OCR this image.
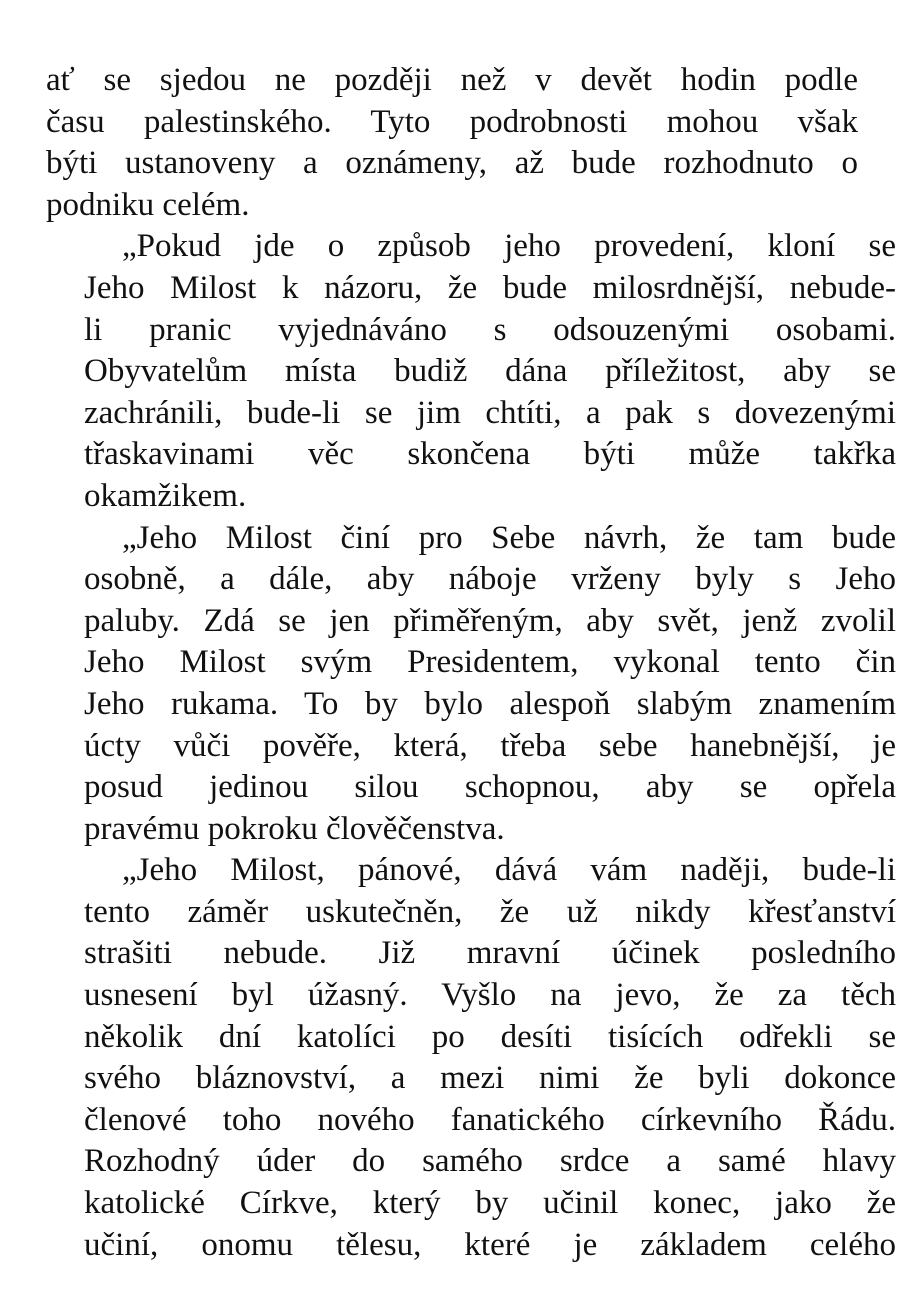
ať se sjedou ne později než v devět hodin podle
času palestinského. Tyto podrobnosti mohou však
býti ustanoveny a oznámeny, až bude rozhodnuto o
podniku celém.
„Pokud jde o způsob jeho provedení, kloní se
Jeho Milost k názoru, že bude milosrdnější, nebude-
li pranic vyjednáváno s odsouzenými osobami.
Obyvatelům místa budiž dána příležitost, aby se
zachránili, bude-li se jim chtíti, a pak s dovezenými
třaskavinami věc skončena býti může takřka
okamžikem.
„Jeho Milost činí pro Sebe návrh, že tam bude
osobně, a dále, aby náboje vrženy byly s Jeho
paluby. Zdá se jen přiměřeným, aby svět, jenž zvolil
Jeho Milost svým Presidentem, vykonal tento čin
Jeho rukama. To by bylo alespoň slabým znamením
úcty vůči pověře, která, třeba sebe hanebnější, je
posud jedinou silou schopnou, aby se opřela
pravému pokroku člověčenstva.
„Jeho Milost, pánové, dává vám naději, bude-li
tento záměr uskutečněn, že už nikdy křesťanství
strašiti nebude. Již mravní účinek posledního
usnesení byl úžasný. Vyšlo na jevo, že za těch
několik dní katolíci po desíti tisících odřekli se
svého bláznovství, a mezi nimi že byli dokonce
členové toho nového fanatického církevního Řádu.
Rozhodný úder do samého srdce a samé hlavy
katolické Církve, který by učinil konec, jako že
učiní, onomu tělesu, které je základem celého
